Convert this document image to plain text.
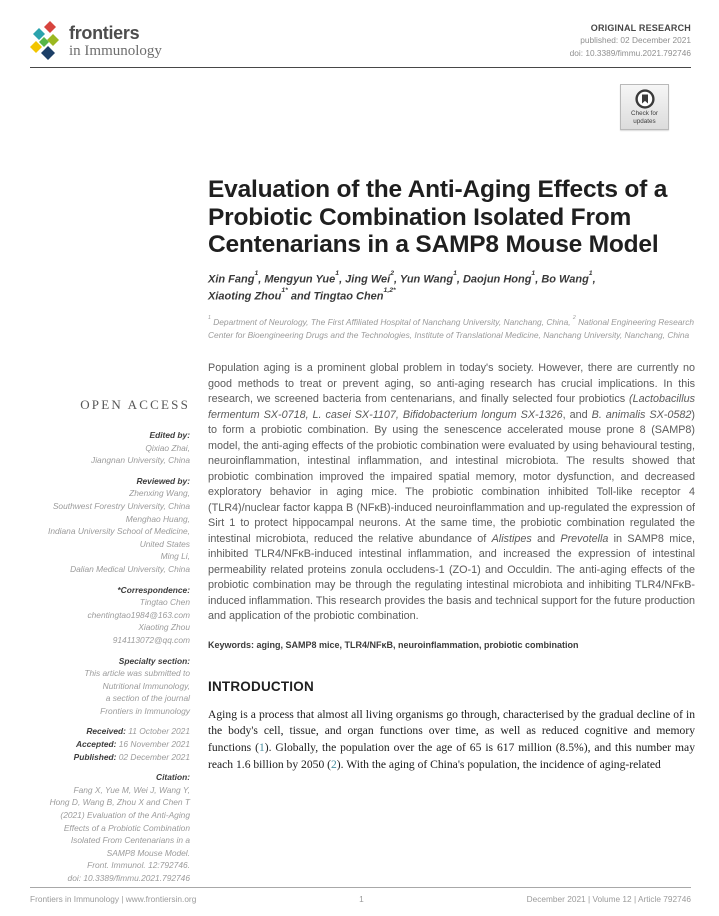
frontiers
in Immunology
ORIGINAL RESEARCH
published: 02 December 2021
doi: 10.3389/fimmu.2021.792746
Check for
updates
OPEN ACCESS
Edited by:
Qixiao Zhai,
Jiangnan University, China
Reviewed by:
Zhenxing Wang,
Southwest Forestry University, China
Menghao Huang,
Indiana University School of Medicine,
United States
Ming Li,
Dalian Medical University, China
*Correspondence:
Tingtao Chen
chentingtao1984@163.com
Xiaoting Zhou
914113072@qq.com
Specialty section:
This article was submitted to
Nutritional Immunology,
a section of the journal
Frontiers in Immunology
Received: 11 October 2021
Accepted: 16 November 2021
Published: 02 December 2021
Citation:
Fang X, Yue M, Wei J, Wang Y,
Hong D, Wang B, Zhou X and Chen T
(2021) Evaluation of the Anti-Aging
Effects of a Probiotic Combination
Isolated From Centenarians in a
SAMP8 Mouse Model.
Front. Immunol. 12:792746.
doi: 10.3389/fimmu.2021.792746
Evaluation of the Anti-Aging Effects of a Probiotic Combination Isolated From Centenarians in a SAMP8 Mouse Model
Xin Fang$^1$, Mengyun Yue$^1$, Jing Wei$^2$, Yun Wang$^1$, Daojun Hong$^1$, Bo Wang$^1$,
Xiaoting Zhou$^{1*}$ and Tingtao Chen$^{1,2*}$
$^1$ Department of Neurology, The First Affiliated Hospital of Nanchang University, Nanchang, China, $^2$ National Engineering Research Center for Bioengineering Drugs and the Technologies, Institute of Translational Medicine, Nanchang University, Nanchang, China
Population aging is a prominent global problem in today's society. However, there are currently no good methods to treat or prevent aging, so anti-aging research has crucial implications. In this research, we screened bacteria from centenarians, and finally selected four probiotics (Lactobacillus fermentum SX-0718, L. casei SX-1107, Bifidobacterium longum SX-1326, and B. animalis SX-0582) to form a probiotic combination. By using the senescence accelerated mouse prone 8 (SAMP8) model, the anti-aging effects of the probiotic combination were evaluated by using behavioural testing, neuroinflammation, intestinal inflammation, and intestinal microbiota. The results showed that probiotic combination improved the impaired spatial memory, motor dysfunction, and decreased exploratory behavior in aging mice. The probiotic combination inhibited Toll-like receptor 4 (TLR4)/nuclear factor kappa B (NFκB)-induced neuroinflammation and up-regulated the expression of Sirt 1 to protect hippocampal neurons. At the same time, the probiotic combination regulated the intestinal microbiota, reduced the relative abundance of Alistipes and Prevotella in SAMP8 mice, inhibited TLR4/NFκB-induced intestinal inflammation, and increased the expression of intestinal permeability related proteins zonula occludens-1 (ZO-1) and Occuldin. The anti-aging effects of the probiotic combination may be through the regulating intestinal microbiota and inhibiting TLR4/NFκB-induced inflammation. This research provides the basis and technical support for the future production and application of the probiotic combination.
Keywords: aging, SAMP8 mice, TLR4/NFκB, neuroinflammation, probiotic combination
INTRODUCTION
Aging is a process that almost all living organisms go through, characterised by the gradual decline of in the body's cell, tissue, and organ functions over time, as well as reduced cognitive and memory functions (1). Globally, the population over the age of 65 is 617 million (8.5%), and this number may reach 1.6 billion by 2050 (2). With the aging of China's population, the incidence of aging-related
Frontiers in Immunology | www.frontiersin.org	1	December 2021 | Volume 12 | Article 792746
